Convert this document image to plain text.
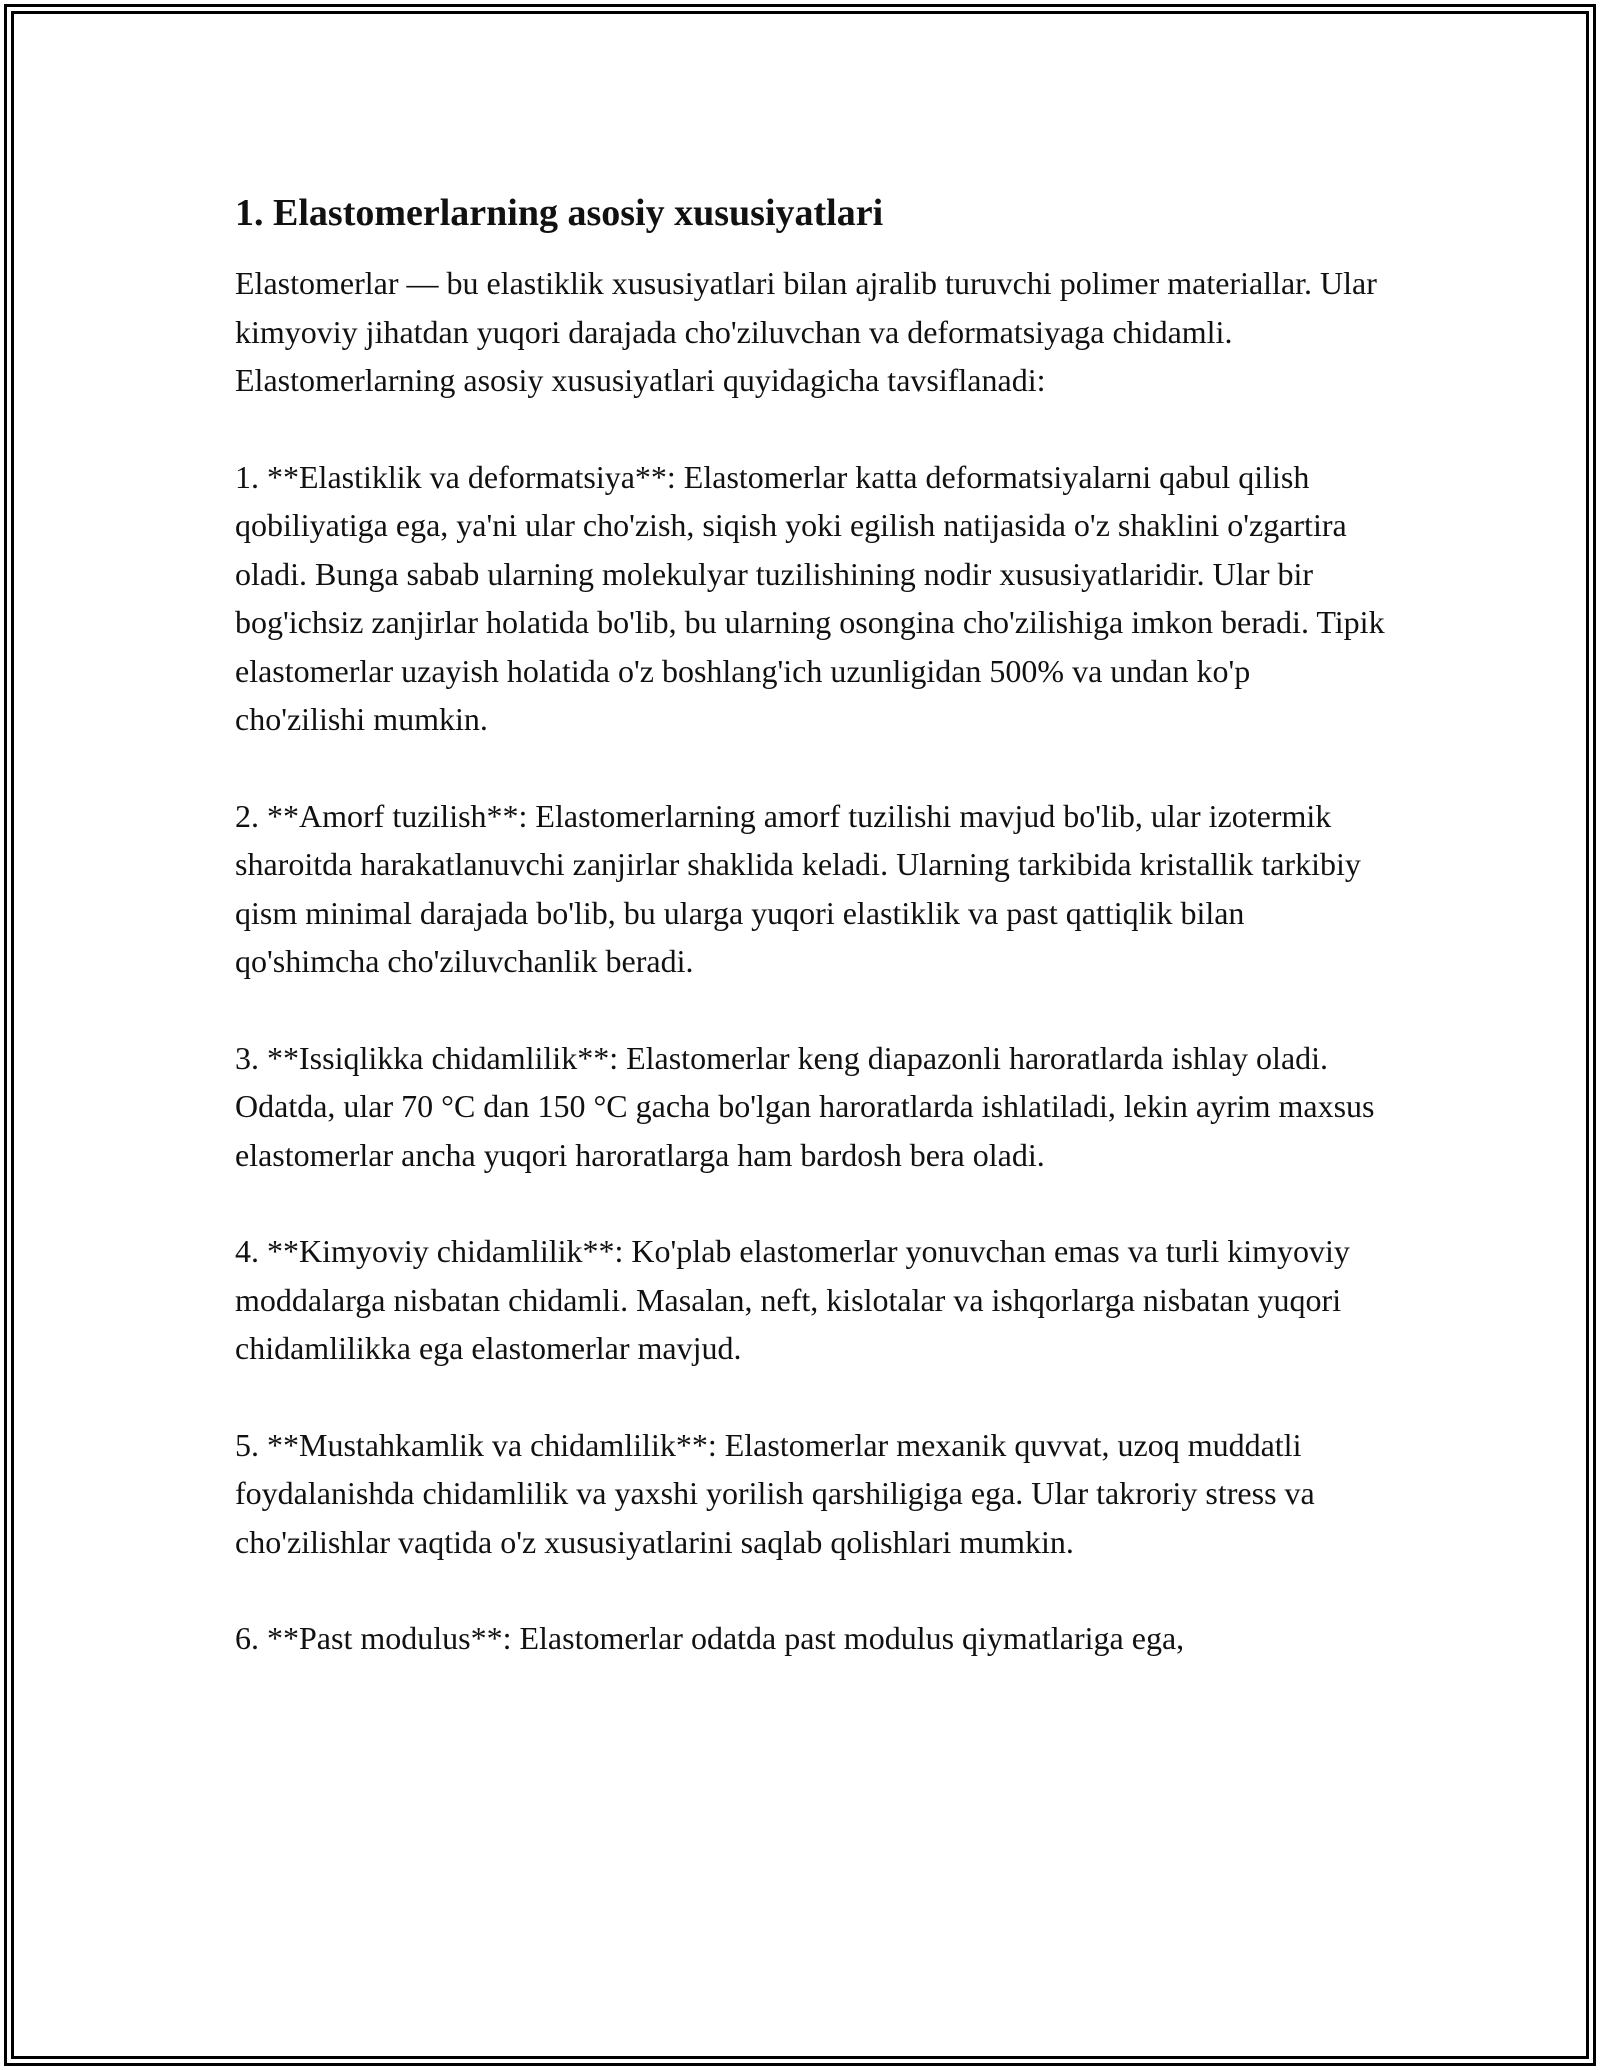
1. Elastomerlarning asosiy xususiyatlari

Elastomerlar — bu elastiklik xususiyatlari bilan ajralib turuvchi polimer materiallar. Ular kimyoviy jihatdan yuqori darajada cho'ziluvchan va deformatsiyaga chidamli. Elastomerlarning asosiy xususiyatlari quyidagicha tavsiflanadi:

1. **Elastiklik va deformatsiya**: Elastomerlar katta deformatsiyalarni qabul qilish qobiliyatiga ega, ya'ni ular cho'zish, siqish yoki egilish natijasida o'z shaklini o'zgartira oladi. Bunga sabab ularning molekulyar tuzilishining nodir xususiyatlaridir. Ular bir bog'ichsiz zanjirlar holatida bo'lib, bu ularning osongina cho'zilishiga imkon beradi. Tipik elastomerlar uzayish holatida o'z boshlang'ich uzunligidan 500% va undan ko'p cho'zilishi mumkin.

2. **Amorf tuzilish**: Elastomerlarning amorf tuzilishi mavjud bo'lib, ular izotermik sharoitda harakatlanuvchi zanjirlar shaklida keladi. Ularning tarkibida kristallik tarkibiy qism minimal darajada bo'lib, bu ularga yuqori elastiklik va past qattiqlik bilan qo'shimcha cho'ziluvchanlik beradi.

3. **Issiqlikka chidamlilik**: Elastomerlar keng diapazonli haroratlarda ishlay oladi. Odatda, ular 70 °C dan 150 °C gacha bo'lgan haroratlarda ishlatiladi, lekin ayrim maxsus elastomerlar ancha yuqori haroratlarga ham bardosh bera oladi.

4. **Kimyoviy chidamlilik**: Ko'plab elastomerlar yonuvchan emas va turli kimyoviy moddalarga nisbatan chidamli. Masalan, neft, kislotalar va ishqorlarga nisbatan yuqori chidamlilikka ega elastomerlar mavjud.

5. **Mustahkamlik va chidamlilik**: Elastomerlar mexanik quvvat, uzoq muddatli foydalanishda chidamlilik va yaxshi yorilish qarshiligiga ega. Ular takroriy stress va cho'zilishlar vaqtida o'z xususiyatlarini saqlab qolishlari mumkin.

6. **Past modulus**: Elastomerlar odatda past modulus qiymatlariga ega,
